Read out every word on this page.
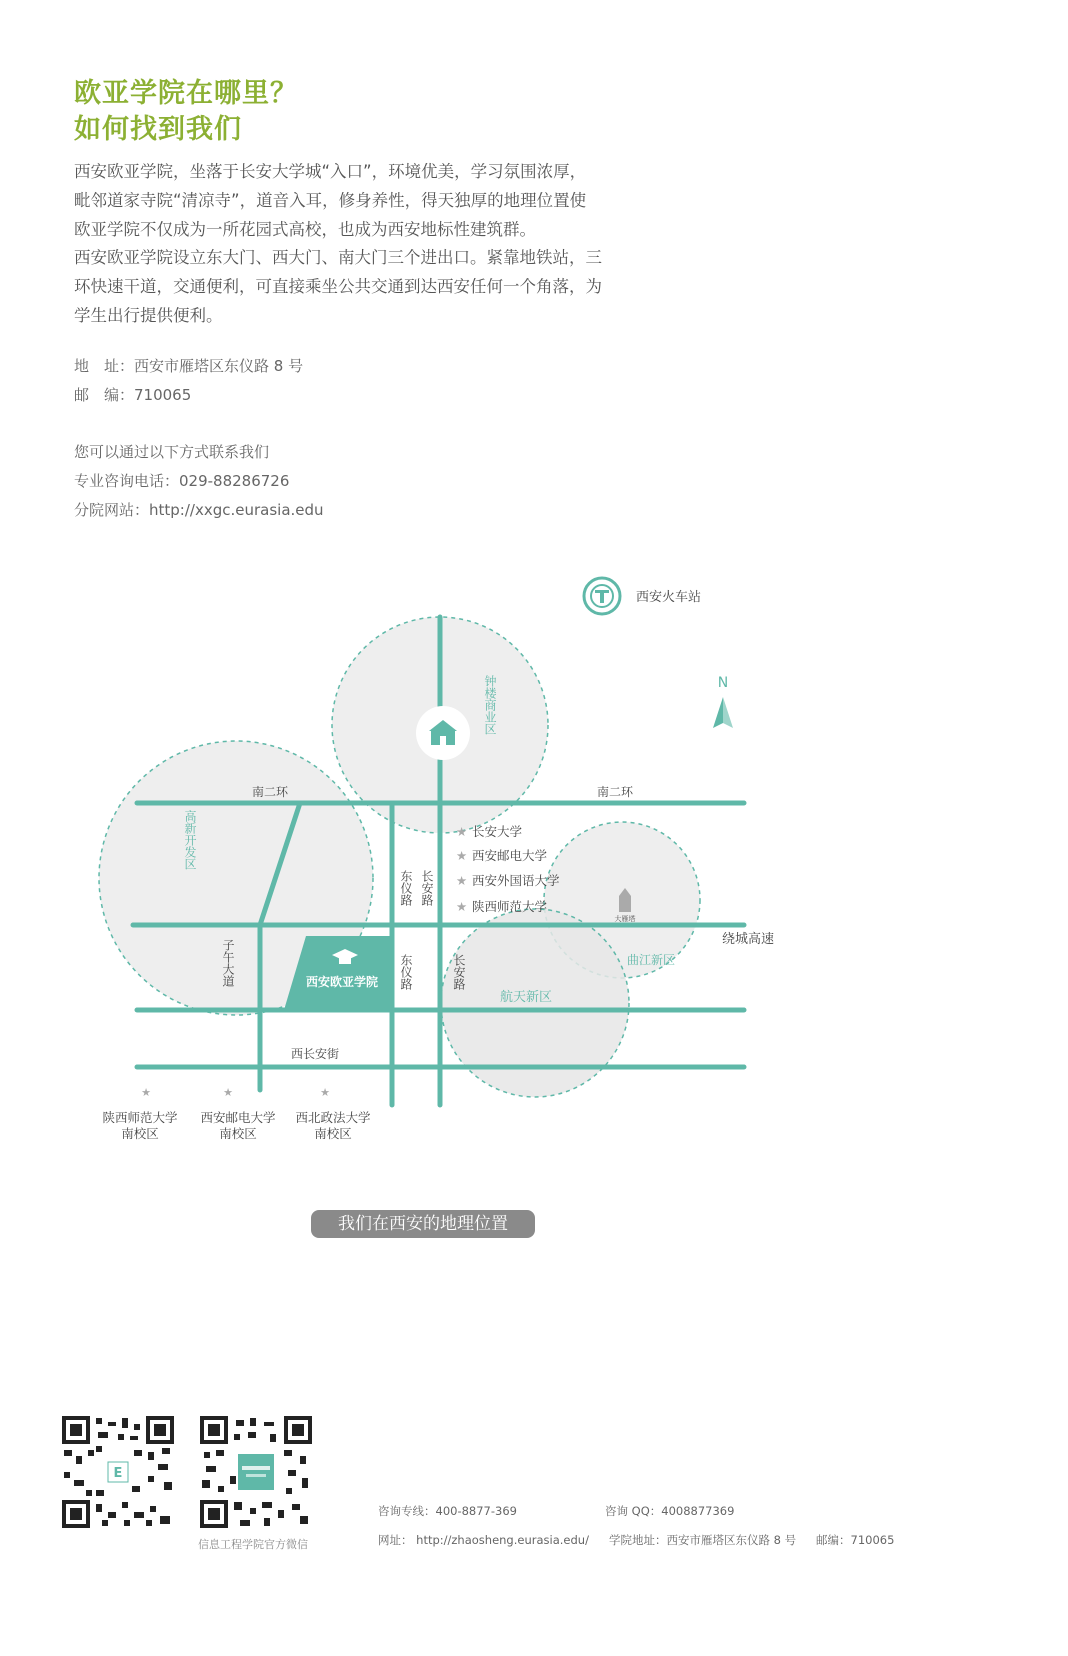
欧亚学院在哪里？
如何找到我们

西安欧亚学院，坐落于长安大学城“入口”，环境优美，学习氛围浓厚，

毗邻道家寺院“清凉寺”，道音入耳，修身养性，得天独厚的地理位置使

欧亚学院不仅成为一所花园式高校，也成为西安地标性建筑群。

西安欧亚学院设立东大门、西大门、南大门三个进出口。紧靠地铁站，三

环快速干道，交通便利，可直接乘坐公共交通到达西安任何一个角落，为

学生出行提供便利。

地　址：西安市雁塔区东仪路 8 号
邮　编：710065
您可以通过以下方式联系我们
专业咨询电话：029-88286726
分院网站：http://xxgc.eurasia.edu
西安欧亚学院
西安火车站
N
大雁塔
钟楼商业区
高新开发区
曲江新区
航天新区
南二环	南二环
绕城高速
子午大道
东仪路 长安路
东仪路	长安路
西长安街
★ 长安大学
★ 西安邮电大学
★ 西安外国语大学
★ 陕西师范大学
★
陕西师范大学
南校区
★
西安邮电大学
南校区
★
西北政法大学
南校区
我们在西安的地理位置
E
信息工程学院官方微信
咨询专线：400-8877-369	咨询 QQ：4008877369
网址： http://zhaosheng.eurasia.edu/ 学院地址：西安市雁塔区东仪路 8 号 邮编：710065
